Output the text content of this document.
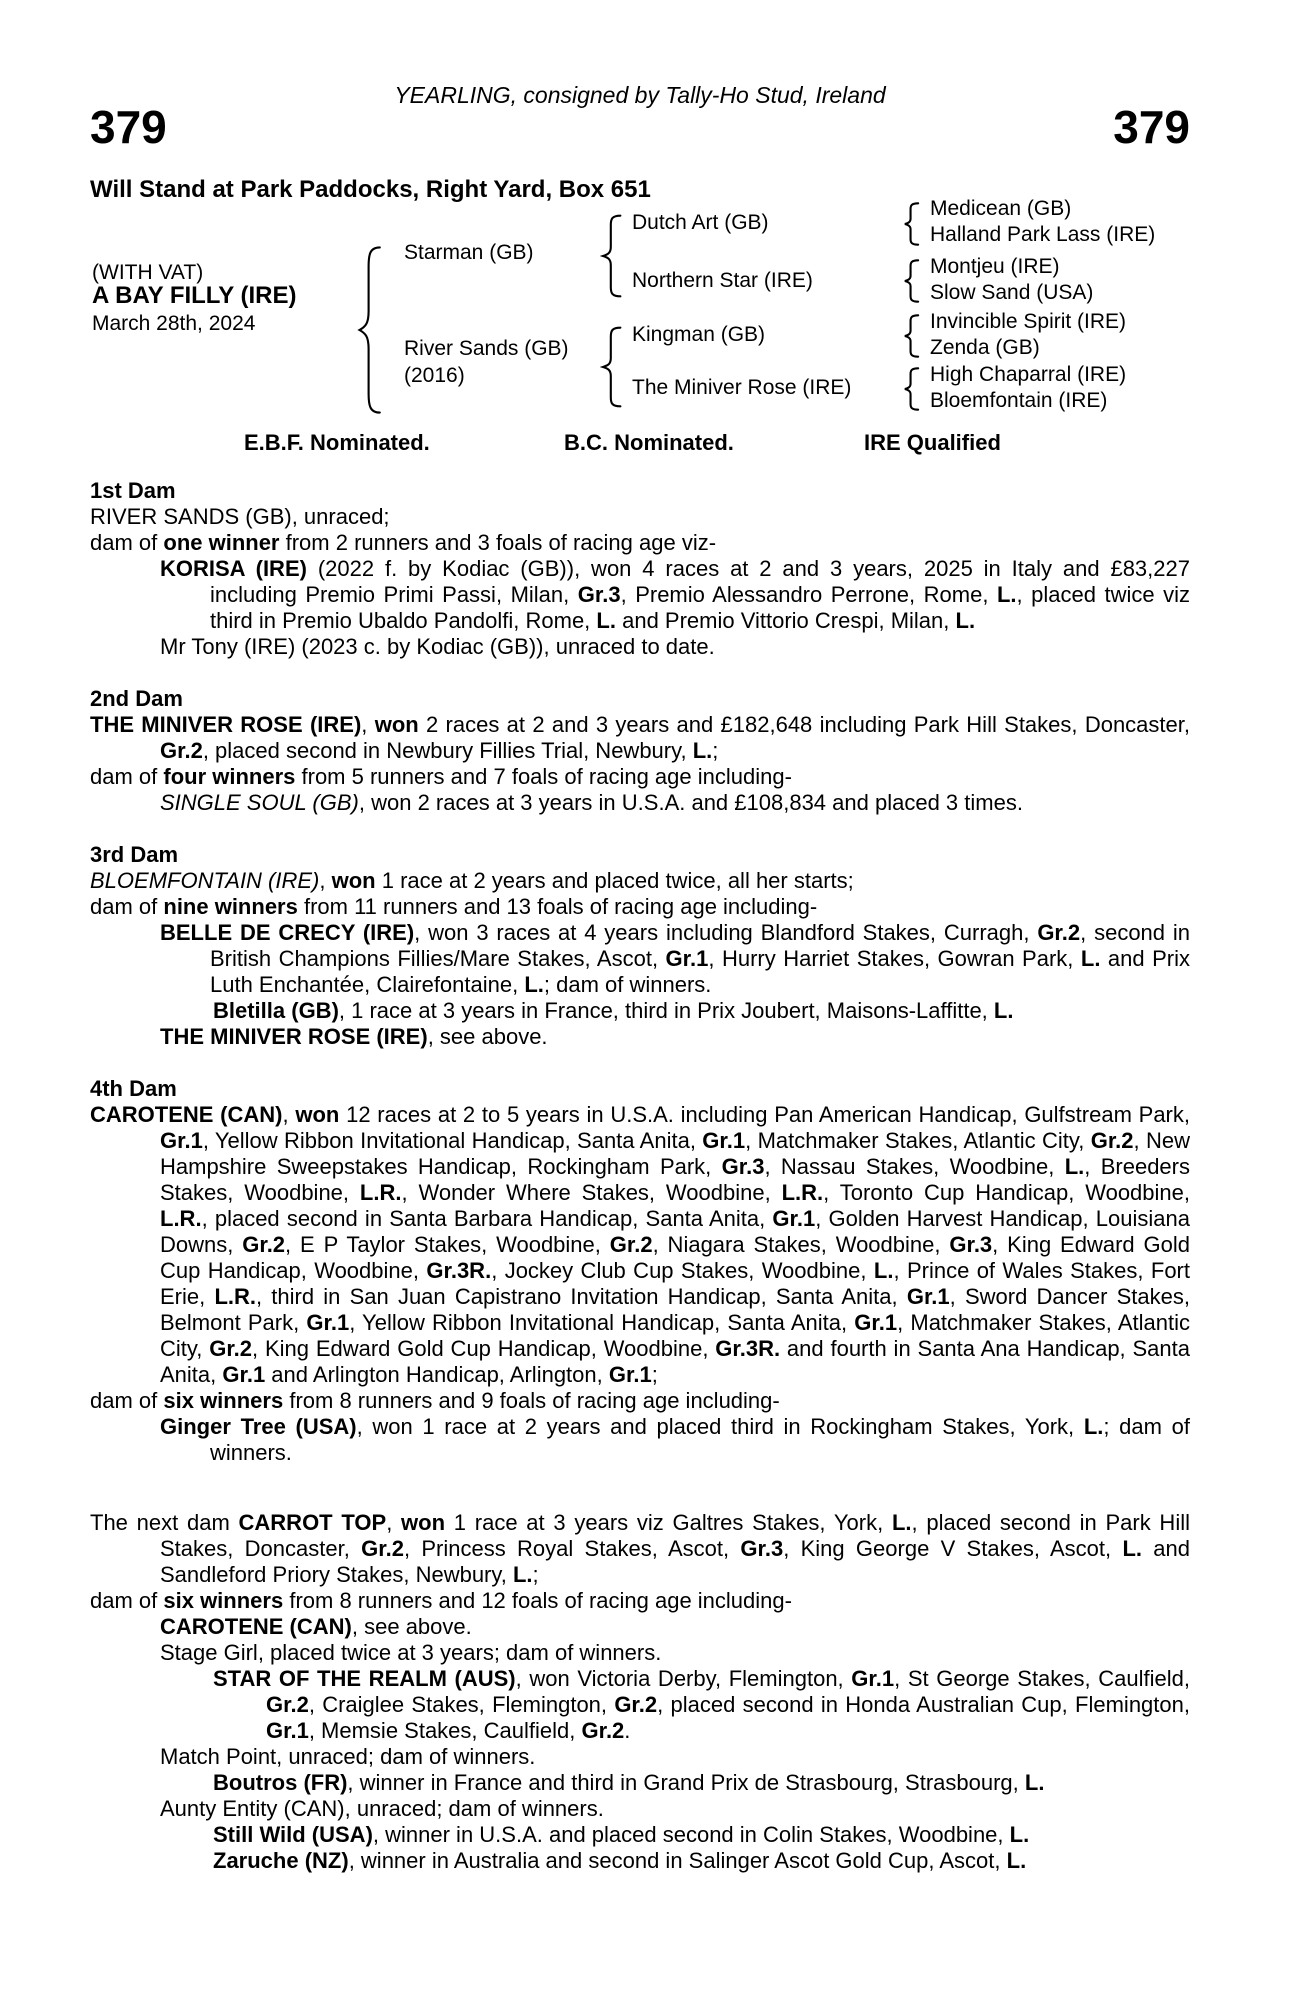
YEARLING, consigned by Tally-Ho Stud, Ireland
379	379
Will Stand at Park Paddocks, Right Yard, Box 651
(WITH VAT)
A BAY FILLY (IRE)
March 28th, 2024
Starman (GB)
River Sands (GB)
(2016)
Dutch Art (GB)
Northern Star (IRE)
Kingman (GB)
The Miniver Rose (IRE)
Medicean (GB)
Halland Park Lass (IRE)
Montjeu (IRE)
Slow Sand (USA)
Invincible Spirit (IRE)
Zenda (GB)
High Chaparral (IRE)
Bloemfontain (IRE)
E.B.F. Nominated.	B.C. Nominated.	IRE Qualified

1st Dam

RIVER SANDS (GB), unraced;

dam of one winner from 2 runners and 3 foals of racing age viz-

KORISA (IRE) (2022 f. by Kodiac (GB)), won 4 races at 2 and 3 years, 2025 in Italy and £83,227 including Premio Primi Passi, Milan, Gr.3, Premio Alessandro Perrone, Rome, L., placed twice viz third in Premio Ubaldo Pandolfi, Rome, L. and Premio Vittorio Crespi, Milan, L.

Mr Tony (IRE) (2023 c. by Kodiac (GB)), unraced to date.

2nd Dam

THE MINIVER ROSE (IRE), won 2 races at 2 and 3 years and £182,648 including Park Hill Stakes, Doncaster, Gr.2, placed second in Newbury Fillies Trial, Newbury, L.;

dam of four winners from 5 runners and 7 foals of racing age including-

SINGLE SOUL (GB), won 2 races at 3 years in U.S.A. and £108,834 and placed 3 times.

3rd Dam

BLOEMFONTAIN (IRE), won 1 race at 2 years and placed twice, all her starts;

dam of nine winners from 11 runners and 13 foals of racing age including-

BELLE DE CRECY (IRE), won 3 races at 4 years including Blandford Stakes, Curragh, Gr.2, second in British Champions Fillies/Mare Stakes, Ascot, Gr.1, Hurry Harriet Stakes, Gowran Park, L. and Prix Luth Enchantée, Clairefontaine, L.; dam of winners.

Bletilla (GB), 1 race at 3 years in France, third in Prix Joubert, Maisons-Laffitte, L.

THE MINIVER ROSE (IRE), see above.

4th Dam

CAROTENE (CAN), won 12 races at 2 to 5 years in U.S.A. including Pan American Handicap, Gulfstream Park, Gr.1, Yellow Ribbon Invitational Handicap, Santa Anita, Gr.1, Matchmaker Stakes, Atlantic City, Gr.2, New Hampshire Sweepstakes Handicap, Rockingham Park, Gr.3, Nassau Stakes, Woodbine, L., Breeders Stakes, Woodbine, L.R., Wonder Where Stakes, Woodbine, L.R., Toronto Cup Handicap, Woodbine, L.R., placed second in Santa Barbara Handicap, Santa Anita, Gr.1, Golden Harvest Handicap, Louisiana Downs, Gr.2, E P Taylor Stakes, Woodbine, Gr.2, Niagara Stakes, Woodbine, Gr.3, King Edward Gold Cup Handicap, Woodbine, Gr.3R., Jockey Club Cup Stakes, Woodbine, L., Prince of Wales Stakes, Fort Erie, L.R., third in San Juan Capistrano Invitation Handicap, Santa Anita, Gr.1, Sword Dancer Stakes, Belmont Park, Gr.1, Yellow Ribbon Invitational Handicap, Santa Anita, Gr.1, Matchmaker Stakes, Atlantic City, Gr.2, King Edward Gold Cup Handicap, Woodbine, Gr.3R. and fourth in Santa Ana Handicap, Santa Anita, Gr.1 and Arlington Handicap, Arlington, Gr.1;

dam of six winners from 8 runners and 9 foals of racing age including-

Ginger Tree (USA), won 1 race at 2 years and placed third in Rockingham Stakes, York, L.; dam of winners.

The next dam CARROT TOP, won 1 race at 3 years viz Galtres Stakes, York, L., placed second in Park Hill Stakes, Doncaster, Gr.2, Princess Royal Stakes, Ascot, Gr.3, King George V Stakes, Ascot, L. and Sandleford Priory Stakes, Newbury, L.;

dam of six winners from 8 runners and 12 foals of racing age including-

CAROTENE (CAN), see above.

Stage Girl, placed twice at 3 years; dam of winners.

STAR OF THE REALM (AUS), won Victoria Derby, Flemington, Gr.1, St George Stakes, Caulfield, Gr.2, Craiglee Stakes, Flemington, Gr.2, placed second in Honda Australian Cup, Flemington, Gr.1, Memsie Stakes, Caulfield, Gr.2.

Match Point, unraced; dam of winners.

Boutros (FR), winner in France and third in Grand Prix de Strasbourg, Strasbourg, L.

Aunty Entity (CAN), unraced; dam of winners.

Still Wild (USA), winner in U.S.A. and placed second in Colin Stakes, Woodbine, L.

Zaruche (NZ), winner in Australia and second in Salinger Ascot Gold Cup, Ascot, L.
